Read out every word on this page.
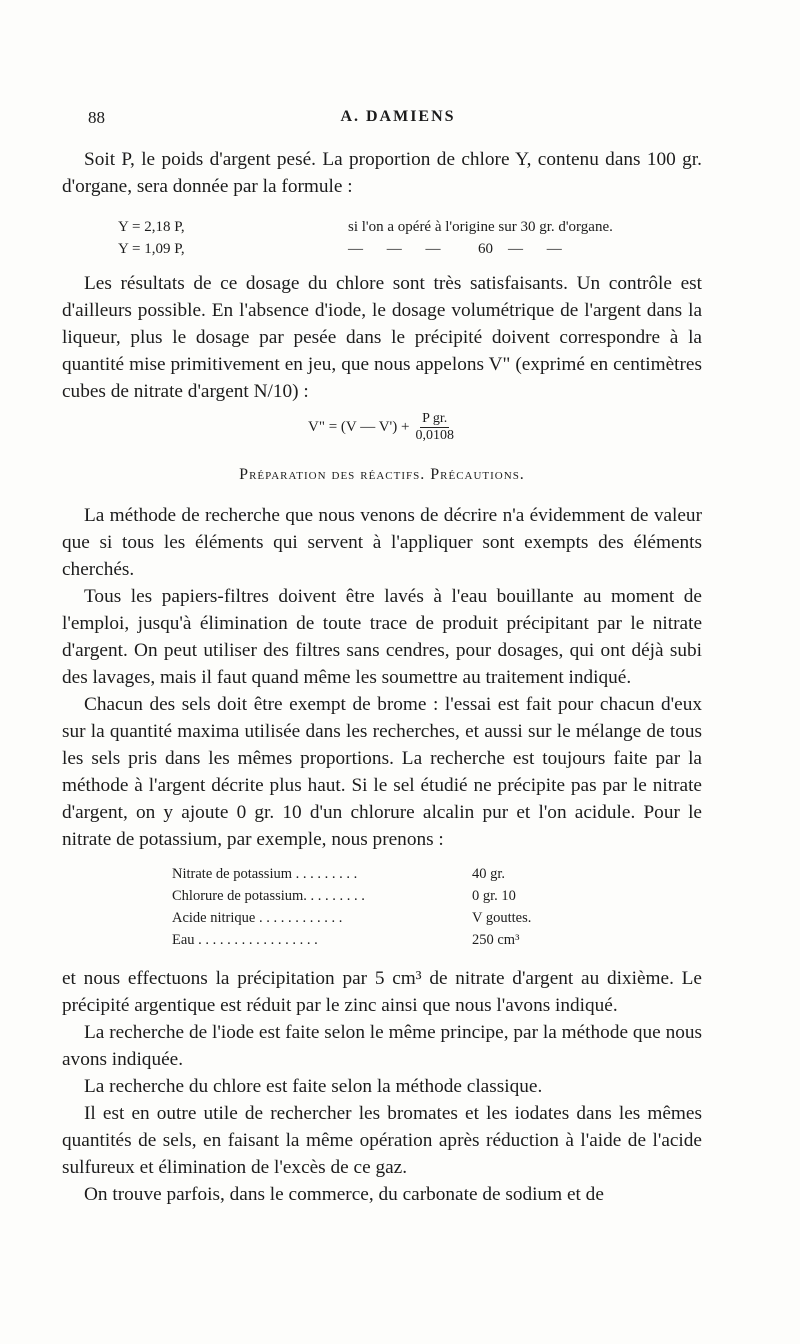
88	A. DAMIENS

Soit P, le poids d'argent pesé. La proportion de chlore Y, contenu dans 100 gr. d'organe, sera donnée par la formule :

Y = 2,18 P,	si l'on a opéré à l'origine sur 30 gr. d'organe.
Y = 1,09 P,	— — —	60	— —

Les résultats de ce dosage du chlore sont très satisfaisants. Un contrôle est d'ailleurs possible. En l'absence d'iode, le dosage volumétrique de l'argent dans la liqueur, plus le dosage par pesée dans le précipité doivent correspondre à la quantité mise primitivement en jeu, que nous appelons V" (exprimé en centimètres cubes de nitrate d'argent N/10) :

V" = (V — $V') + \frac{\text{P gr.}}{0,0108}$
Préparation des réactifs. Précautions.

La méthode de recherche que nous venons de décrire n'a évidemment de valeur que si tous les éléments qui servent à l'appliquer sont exempts des éléments cherchés.

Tous les papiers-filtres doivent être lavés à l'eau bouillante au moment de l'emploi, jusqu'à élimination de toute trace de produit précipitant par le nitrate d'argent. On peut utiliser des filtres sans cendres, pour dosages, qui ont déjà subi des lavages, mais il faut quand même les soumettre au traitement indiqué.

Chacun des sels doit être exempt de brome : l'essai est fait pour chacun d'eux sur la quantité maxima utilisée dans les recherches, et aussi sur le mélange de tous les sels pris dans les mêmes proportions. La recherche est toujours faite par la méthode à l'argent décrite plus haut. Si le sel étudié ne précipite pas par le nitrate d'argent, on y ajoute 0 gr. 10 d'un chlorure alcalin pur et l'on acidule. Pour le nitrate de potassium, par exemple, nous prenons :

Nitrate de potassium . . . . . . . . .	40 gr.
Chlorure de potassium. . . . . . . . .	0 gr. 10
Acide nitrique . . . . . . . . . . . .	V gouttes.
Eau . . . . . . . . . . . . . . . . .	250 cm³

et nous effectuons la précipitation par 5 cm³ de nitrate d'argent au dixième. Le précipité argentique est réduit par le zinc ainsi que nous l'avons indiqué.

La recherche de l'iode est faite selon le même principe, par la méthode que nous avons indiquée.

La recherche du chlore est faite selon la méthode classique.

Il est en outre utile de rechercher les bromates et les iodates dans les mêmes quantités de sels, en faisant la même opération après réduction à l'aide de l'acide sulfureux et élimination de l'excès de ce gaz.

On trouve parfois, dans le commerce, du carbonate de sodium et de
